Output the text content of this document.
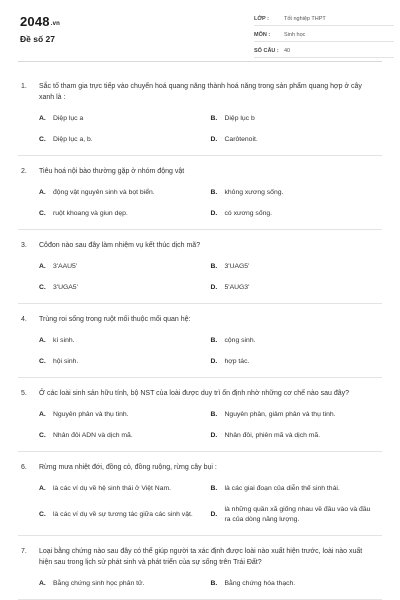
2048.vn
Đề số 27
LỚP :	Tốt nghiệp THPT
MÔN :	Sinh học
SỐ CÂU : 40
1.	Sắc tố tham gia trực tiếp vào chuyển hoá quang năng thành hoá năng trong sản phẩm quang hợp ở cây xanh là :
A.	Diệp lục a	B.	Diệp lục b
C.	Diệp lục a, b.	D.	Carôtenoit.
2.	Tiêu hoá nội bào thường gặp ở nhóm động vật
A.	động vật nguyên sinh và bọt biển.	B.	không xương sống.
C.	ruột khoang và giun dẹp.	D.	có xương sống.
3.	Côđon nào sau đây làm nhiệm vụ kết thúc dịch mã?
A.	3'AAU5'	B.	3'UAG5'
C.	3'UGA5'	D.	5'AUG3'
4.	Trùng roi sống trong ruột mối thuộc mối quan hệ:
A.	kí sinh.	B.	cộng sinh.
C.	hội sinh.	D.	hợp tác.
5.	Ở các loài sinh sản hữu tính, bộ NST của loài được duy trì ổn định nhờ những cơ chế nào sau đây?
A.	Nguyên phân và thụ tinh.	B.	Nguyên phân, giảm phân và thụ tinh.
C.	Nhân đôi ADN và dịch mã.	D.	Nhân đôi, phiên mã và dịch mã.
6.	Rừng mưa nhiệt đới, đồng cỏ, đồng ruộng, rừng cây bụi :
A.	là các ví dụ về hệ sinh thái ở Việt Nam.	B.	là các giai đoạn của diễn thế sinh thái.
C.	là các ví dụ về sự tương tác giữa các sinh vật.	D.
là những quần xã giống nhau về đầu vào và đầu ra của dòng năng lượng.
7.	Loại bằng chứng nào sau đây có thể giúp người ta xác định được loài nào xuất hiện trước, loài nào xuất hiện sau trong lịch sử phát sinh và phát triển của sự sống trên Trái Đất?
A.	Bằng chứng sinh học phân tử.	B.	Bằng chứng hóa thạch.
